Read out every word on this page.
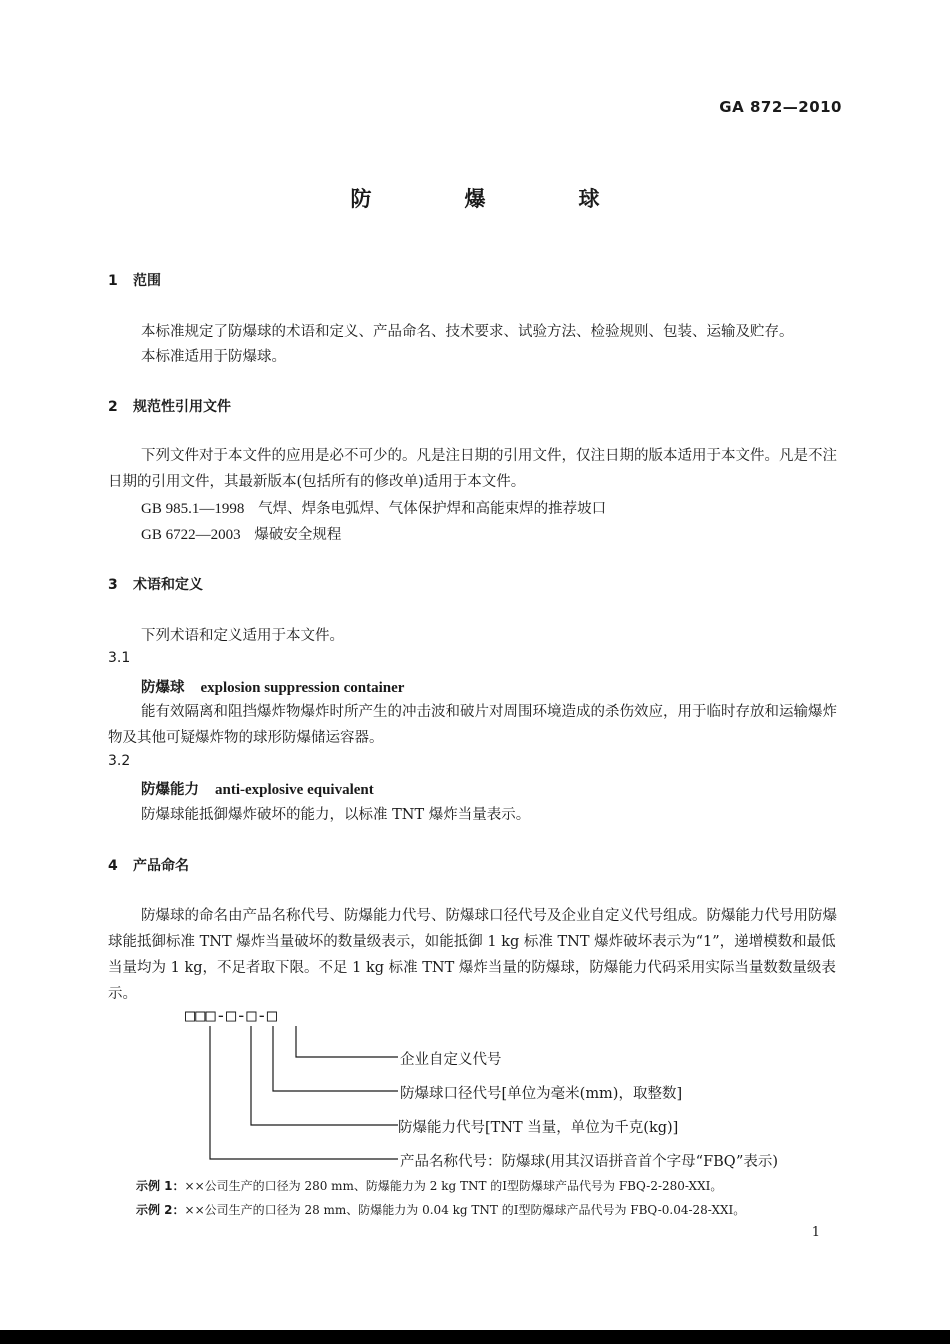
GA 872—2010
防　爆　球
1 范围
本标准规定了防爆球的术语和定义、产品命名、技术要求、试验方法、检验规则、包装、运输及贮存。
本标准适用于防爆球。
2 规范性引用文件
下列文件对于本文件的应用是必不可少的。凡是注日期的引用文件，仅注日期的版本适用于本文件。凡是不注日期的引用文件，其最新版本(包括所有的修改单)适用于本文件。
GB 985.1—1998 气焊、焊条电弧焊、气体保护焊和高能束焊的推荐坡口
GB 6722—2003 爆破安全规程
3 术语和定义
下列术语和定义适用于本文件。
3.1
防爆球 explosion suppression container
能有效隔离和阻挡爆炸物爆炸时所产生的冲击波和破片对周围环境造成的杀伤效应，用于临时存放和运输爆炸物及其他可疑爆炸物的球形防爆储运容器。
3.2
防爆能力 anti-explosive equivalent
防爆球能抵御爆炸破坏的能力，以标准 TNT 爆炸当量表示。
4 产品命名
防爆球的命名由产品名称代号、防爆能力代号、防爆球口径代号及企业自定义代号组成。防爆能力代号用防爆球能抵御标准 TNT 爆炸当量破坏的数量级表示，如能抵御 1 kg 标准 TNT 爆炸破坏表示为“1”，递增模数和最低当量均为 1 kg，不足者取下限。不足 1 kg 标准 TNT 爆炸当量的防爆球，防爆能力代码采用实际当量数数量级表示。
□□□-□-□-□
企业自定义代号
防爆球口径代号[单位为毫米(mm)，取整数]
防爆能力代号[TNT 当量，单位为千克(kg)]
产品名称代号：防爆球(用其汉语拼音首个字母“FBQ”表示)
示例 1：××公司生产的口径为 280 mm、防爆能力为 2 kg TNT 的Ⅰ型防爆球产品代号为 FBQ-2-280-XXI。
示例 2：××公司生产的口径为 28 mm、防爆能力为 0.04 kg TNT 的Ⅰ型防爆球产品代号为 FBQ-0.04-28-XXI。
1
